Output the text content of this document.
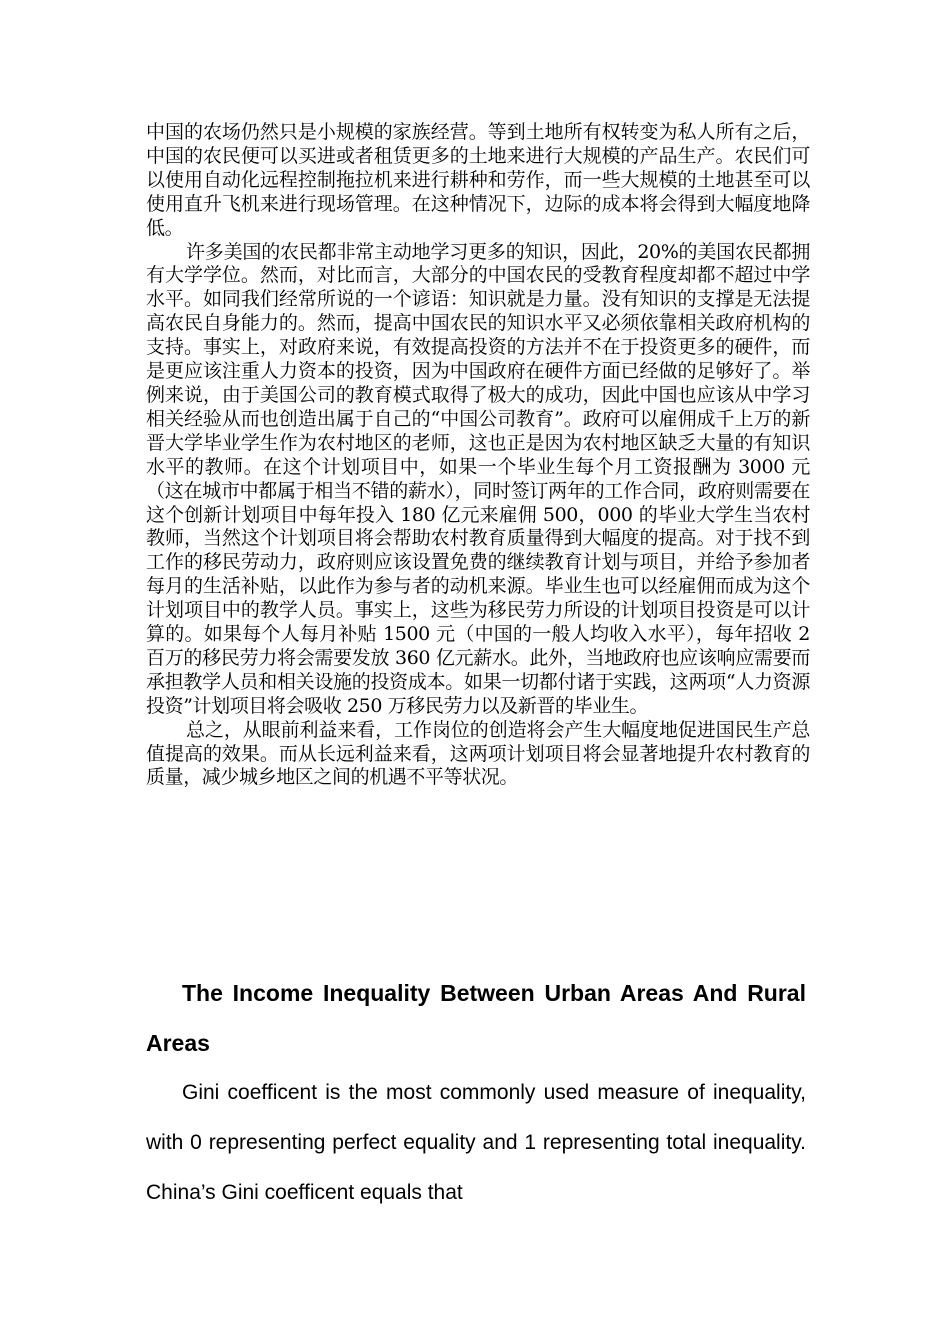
中国的农场仍然只是小规模的家族经营。等到土地所有权转变为私人所有之后，中国的农民便可以买进或者租赁更多的土地来进行大规模的产品生产。农民们可以使用自动化远程控制拖拉机来进行耕种和劳作，而一些大规模的土地甚至可以使用直升飞机来进行现场管理。在这种情况下，边际的成本将会得到大幅度地降低。

许多美国的农民都非常主动地学习更多的知识，因此，20%的美国农民都拥有大学学位。然而，对比而言，大部分的中国农民的受教育程度却都不超过中学水平。如同我们经常所说的一个谚语：知识就是力量。没有知识的支撑是无法提高农民自身能力的。然而，提高中国农民的知识水平又必须依靠相关政府机构的支持。事实上，对政府来说，有效提高投资的方法并不在于投资更多的硬件，而是更应该注重人力资本的投资，因为中国政府在硬件方面已经做的足够好了。举例来说，由于美国公司的教育模式取得了极大的成功，因此中国也应该从中学习相关经验从而也创造出属于自己的“中国公司教育”。政府可以雇佣成千上万的新晋大学毕业学生作为农村地区的老师，这也正是因为农村地区缺乏大量的有知识水平的教师。在这个计划项目中，如果一个毕业生每个月工资报酬为 3000 元（这在城市中都属于相当不错的薪水），同时签订两年的工作合同，政府则需要在这个创新计划项目中每年投入 180 亿元来雇佣 500，000 的毕业大学生当农村教师，当然这个计划项目将会帮助农村教育质量得到大幅度的提高。对于找不到工作的移民劳动力，政府则应该设置免费的继续教育计划与项目，并给予参加者每月的生活补贴，以此作为参与者的动机来源。毕业生也可以经雇佣而成为这个计划项目中的教学人员。事实上，这些为移民劳力所设的计划项目投资是可以计算的。如果每个人每月补贴 1500 元（中国的一般人均收入水平），每年招收 2 百万的移民劳力将会需要发放 360 亿元薪水。此外，当地政府也应该响应需要而承担教学人员和相关设施的投资成本。如果一切都付诸于实践，这两项“人力资源投资”计划项目将会吸收 250 万移民劳力以及新晋的毕业生。

总之，从眼前利益来看，工作岗位的创造将会产生大幅度地促进国民生产总值提高的效果。而从长远利益来看，这两项计划项目将会显著地提升农村教育的质量，减少城乡地区之间的机遇不平等状况。

The Income Inequality Between Urban Areas And Rural Areas

Gini coefficent is the most commonly used measure of inequality, with 0 representing perfect equality and 1 representing total inequality. China’s Gini coefficent equals that
